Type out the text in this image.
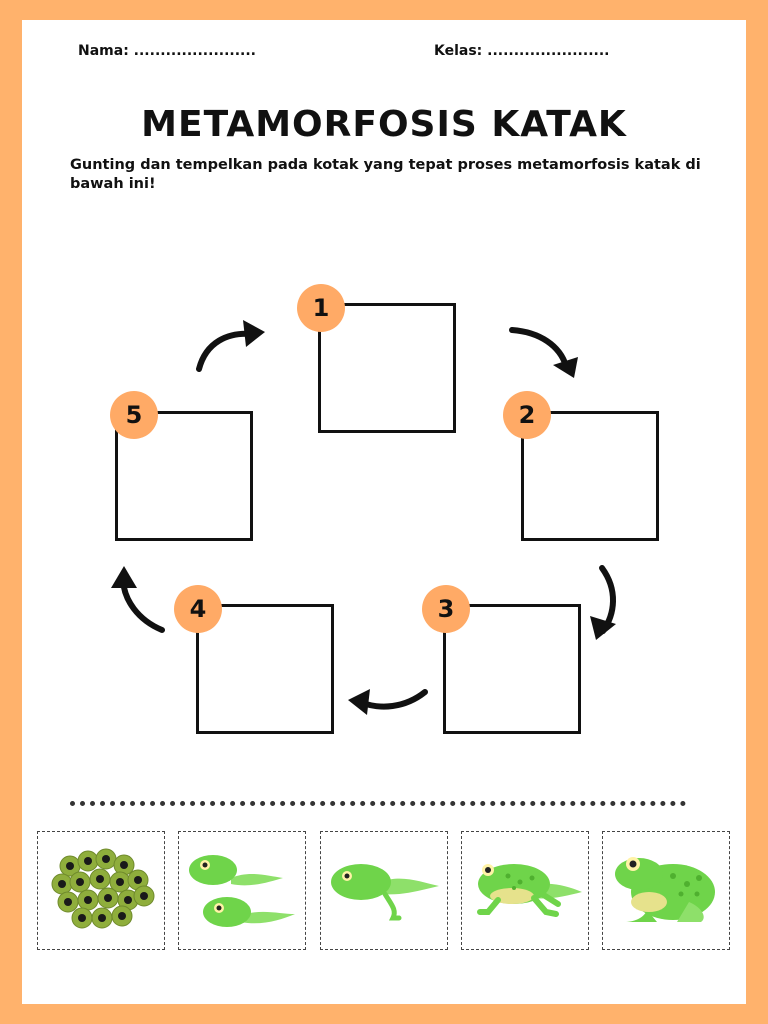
Nama: .......................	Kelas: .......................
METAMORFOSIS KATAK
Gunting dan tempelkan pada kotak yang tepat proses metamorfosis katak di bawah ini!
1
2
3
4
5
